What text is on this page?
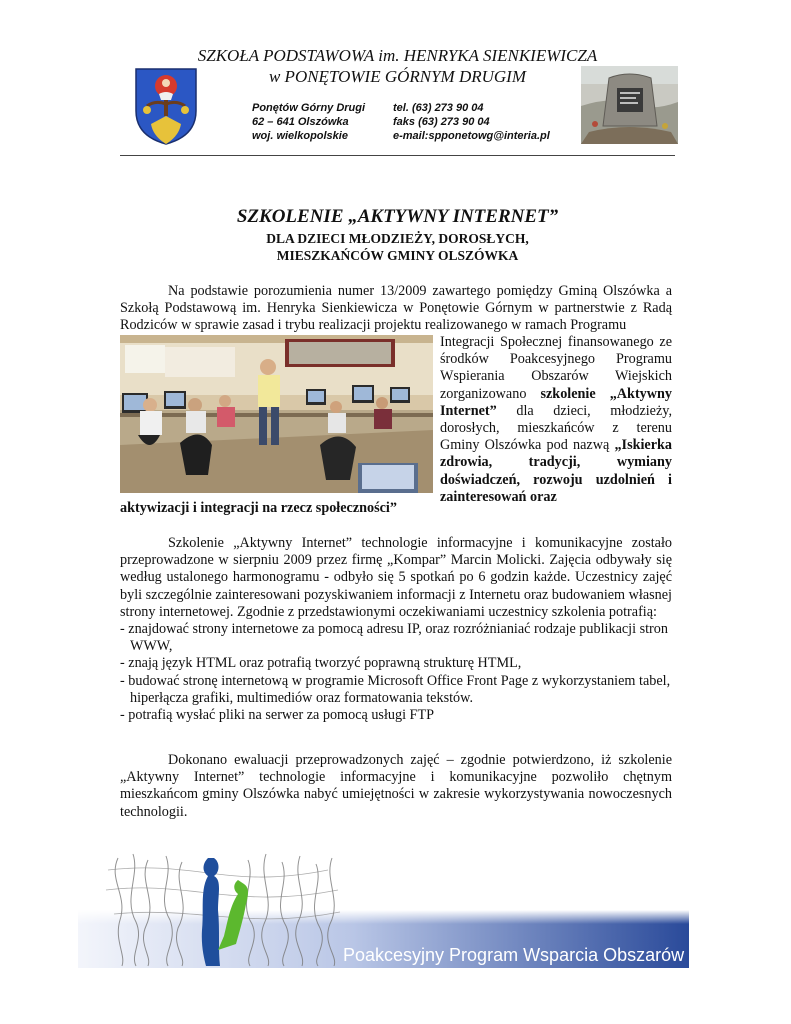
SZKOŁA PODSTAWOWA im. HENRYKA SIENKIEWICZA
w PONĘTOWIE GÓRNYM DRUGIM
Ponętów Górny Drugi
62 – 641 Olszówka
woj. wielkopolskie
tel. (63) 273 90 04
faks (63) 273 90 04
e-mail:spponetowg@interia.pl
SZKOLENIE „AKTYWNY INTERNET”
DLA DZIECI MŁODZIEŻY, DOROSŁYCH,
MIESZKAŃCÓW GMINY OLSZÓWKA

Na podstawie porozumienia numer 13/2009 zawartego pomiędzy Gminą Olszówka a Szkołą Podstawową im. Henryka Sienkiewicza w Ponętowie Górnym w partnerstwie z Radą Rodziców w sprawie zasad i trybu realizacji projektu realizowanego w ramach Programu

Integracji Społecznej finansowanego ze środków Poakcesyjnego Programu Wspierania Obszarów Wiejskich zorganizowano szkolenie „Aktywny Internet” dla dzieci, młodzieży, dorosłych, mieszkańców z terenu Gminy Olszówka pod nazwą „Iskierka zdrowia, tradycji, wymiany doświadczeń, rozwoju uzdolnień i zainteresowań oraz

aktywizacji i integracji na rzecz społeczności”

Szkolenie „Aktywny Internet” technologie informacyjne i komunikacyjne zostało przeprowadzone w sierpniu 2009 przez firmę „Kompar” Marcin Molicki. Zajęcia odbywały się według ustalonego harmonogramu - odbyło się 5 spotkań po 6 godzin każde. Uczestnicy zajęć byli szczególnie zainteresowani pozyskiwaniem informacji z Internetu oraz budowaniem własnej strony internetowej. Zgodnie z przedstawionymi oczekiwaniami uczestnicy szkolenia potrafią:

- znajdować strony internetowe za pomocą adresu IP, oraz rozróżnianiać rodzaje publikacji stron WWW,
- znają język HTML oraz potrafią tworzyć poprawną strukturę HTML,
- budować stronę internetową w programie Microsoft Office Front Page z wykorzystaniem tabel, hiperłącza grafiki, multimediów oraz formatowania tekstów.
- potrafią wysłać pliki na serwer za pomocą usługi FTP

Dokonano ewaluacji przeprowadzonych zajęć – zgodnie potwierdzono, iż szkolenie „Aktywny Internet” technologie informacyjne i komunikacyjne pozwoliło chętnym mieszkańcom gminy Olszówka nabyć umiejętności w zakresie wykorzystywania nowoczesnych technologii.

Poakcesyjny Program Wsparcia Obszarów Wiejskich
